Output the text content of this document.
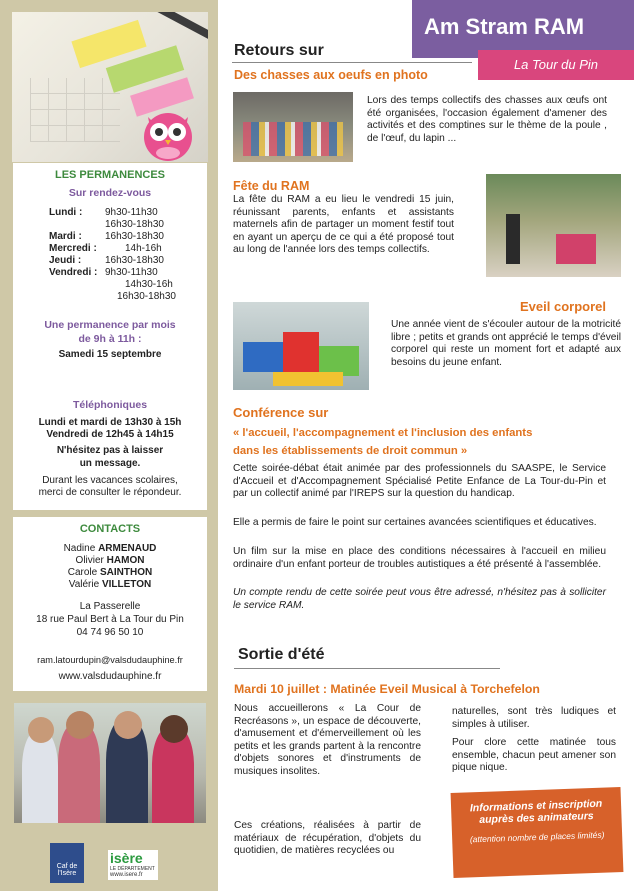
LES PERMANENCES
Sur rendez-vous
Lundi : 9h30-11h30
16h30-18h30
Mardi : 16h30-18h30
Mercredi :	14h-16h
Jeudi : 16h30-18h30
Vendredi : 9h30-11h30
14h30-16h
16h30-18h30
Une permanence par mois
de 9h à 11h :
Samedi 15 septembre
Téléphoniques
Lundi et mardi de 13h30 à 15h
Vendredi de 12h45 à 14h15
N'hésitez pas à laisser
un message.
Durant les vacances scolaires,
merci de consulter le répondeur.
CONTACTS
Nadine ARMENAUD
Olivier HAMON
Carole SAINTHON
Valérie VILLETON
La Passerelle
18 rue Paul Bert à La Tour du Pin
04 74 96 50 10
ram.latourdupin@valsdudauphine.fr
www.valsdudauphine.fr
Caf de l'Isère
isère
LE DÉPARTEMENT
www.isere.fr
Am Stram RAM
La Tour du Pin
Retours sur
Des chasses aux oeufs en photo
Lors des temps collectifs des chasses aux œufs ont été organisées, l'occasion également d'amener des activités et des comptines sur le thème de la poule , de l'œuf, du lapin ...
Fête du RAM
La fête du RAM a eu lieu le vendredi 15 juin, réunissant parents, enfants et assistants maternels afin de partager un moment festif tout en ayant un aperçu de ce qui a été proposé tout au long de l'année lors des temps collectifs.
Eveil corporel
Une année vient de s'écouler autour de la motricité libre ; petits et grands ont apprécié le temps d'éveil corporel qui reste un moment fort et adapté aux besoins du jeune enfant.
Conférence sur
« l'accueil, l'accompagnement et l'inclusion des enfants
dans les établissements de droit commun »
Cette soirée-débat était animée par des professionnels du SAASPE, le Service d'Accueil et d'Accompagnement Spécialisé Petite Enfance de La Tour-du-Pin et par un collectif animé par l'IREPS sur la question du handicap.
Elle a permis de faire le point sur certaines avancées scientifiques et éducatives.
Un film sur la mise en place des conditions nécessaires à l'accueil en milieu ordinaire d'un enfant porteur de troubles autistiques a été présenté à l'assemblée.
Un compte rendu de cette soirée peut vous être adressé, n'hésitez pas à solliciter le service RAM.
Sortie d'été
Mardi 10 juillet : Matinée Eveil Musical à Torchefelon
Nous accueillerons « La Cour de Recréasons », un espace de découverte, d'amusement et d'émerveillement où les petits et les grands partent à la rencontre d'objets sonores et d'instruments de musiques insolites.
Ces créations, réalisées à partir de matériaux de récupération, d'objets du quotidien, de matières recyclées ou
naturelles, sont très ludiques et simples à utiliser.
Pour clore cette matinée tous ensemble, chacun peut amener son pique nique.
Informations et inscription auprès des animateurs
(attention nombre de places limités)
